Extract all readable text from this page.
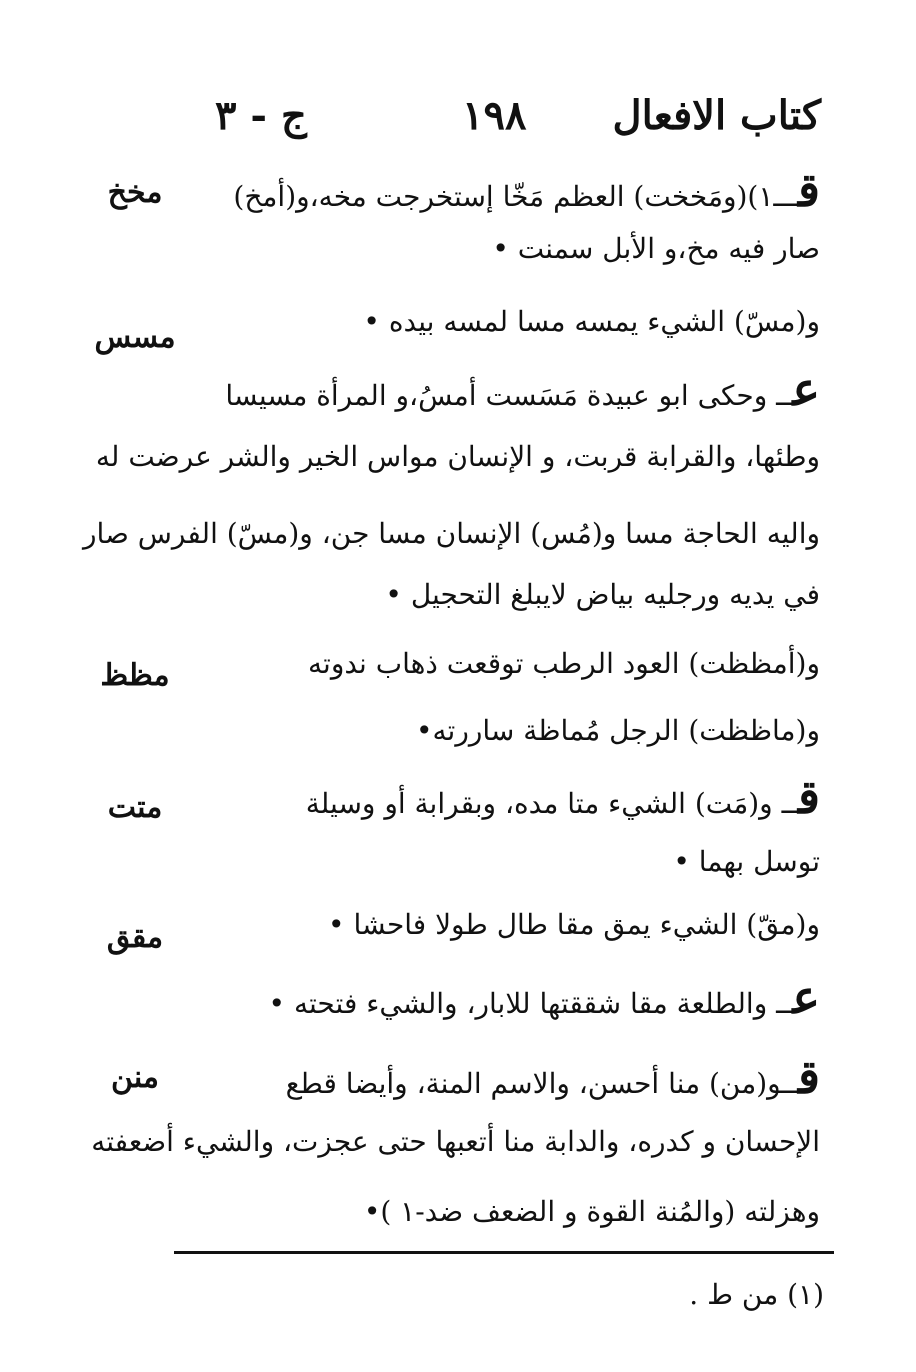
كتاب الافعال
١٩٨
ج - ٣
مخخ
مسس
مظظ
متت
مقق
منن
قـــ١)(ومَخخت) العظم مَخّا إستخرجت مخه،و(أمخ)
صار فيه مخ،و الأبل سمنت •
و(مسّ) الشيء يمسه مسا لمسه بيده •
عــ وحكى ابو عبيدة مَسَست أمسُ،و المرأة مسيسا
وطئها، والقرابة قربت، و الإنسان مواس الخير والشر عرضت له
واليه الحاجة مسا و(مُس) الإنسان مسا جن، و(مسّ) الفرس صار
في يديه ورجليه بياض لايبلغ التحجيل •
و(أمظظت) العود الرطب توقعت ذهاب ندوته
و(ماظظت) الرجل مُماظة ساررته•
قــ و(مَت) الشيء متا مده، وبقرابة أو وسيلة
توسل بهما •
و(مقّ) الشيء يمق مقا طال طولا فاحشا •
عــ والطلعة مقا شققتها للابار، والشيء فتحته •
قــو(من) منا أحسن، والاسم المنة، وأيضا قطع
الإحسان و كدره، والدابة منا أتعبها حتى عجزت، والشيء أضعفته
وهزلته (والمُنة القوة و الضعف ضد-١ )•
(١) من ط .
